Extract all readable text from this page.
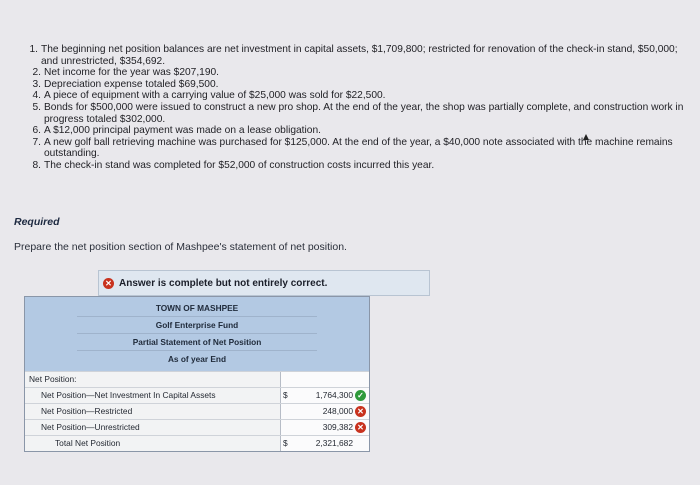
1. The beginning net position balances are net investment in capital assets, $1,709,800; restricted for renovation of the check-in stand, $50,000; and unrestricted, $354,692.
2. Net income for the year was $207,190.
3. Depreciation expense totaled $69,500.
4. A piece of equipment with a carrying value of $25,000 was sold for $22,500.
5. Bonds for $500,000 were issued to construct a new pro shop. At the end of the year, the shop was partially complete, and construction work in progress totaled $302,000.
6. A $12,000 principal payment was made on a lease obligation.
7. A new golf ball retrieving machine was purchased for $125,000. At the end of the year, a $40,000 note associated with the machine remains outstanding.
8. The check-in stand was completed for $52,000 of construction costs incurred this year.
Required
Prepare the net position section of Mashpee's statement of net position.
✕ Answer is complete but not entirely correct.
TOWN OF MASHPEE
Golf Enterprise Fund
Partial Statement of Net Position
As of year End
Net Position:
Net Position—Net Investment In Capital Assets	$	1,764,300 ✓
Net Position—Restricted	248,000 ✕
Net Position—Unrestricted	309,382 ✕
Total Net Position	$	2,321,682
